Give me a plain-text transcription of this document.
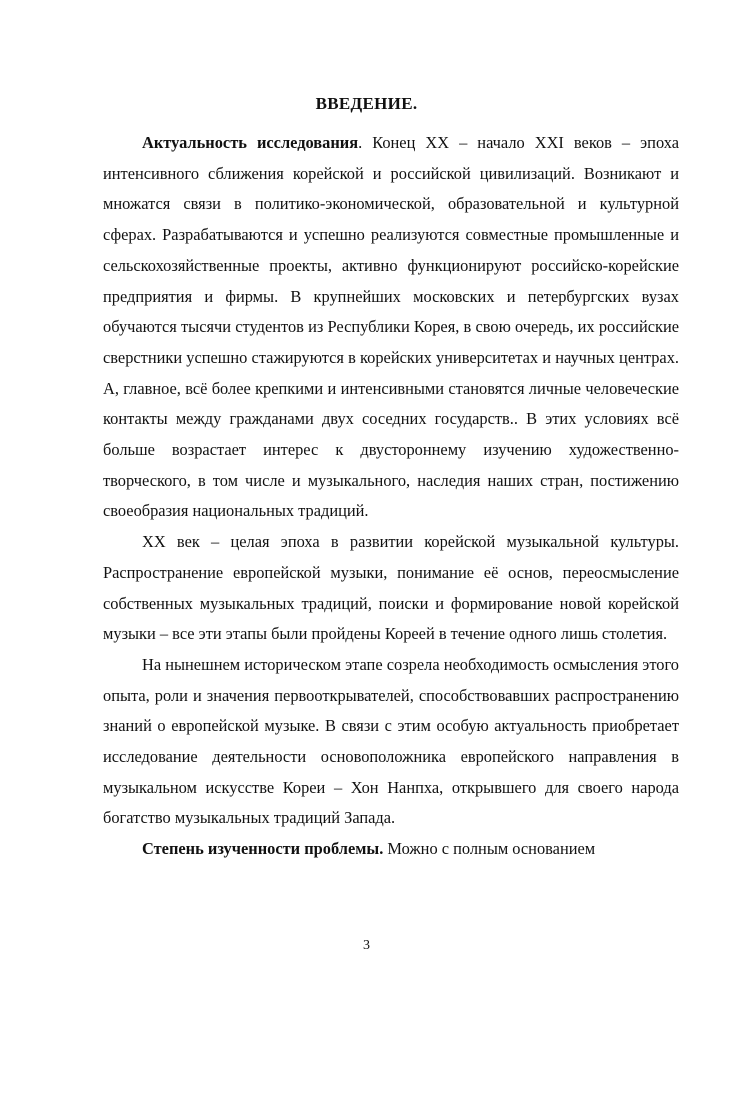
ВВЕДЕНИЕ.

Актуальность исследования. Конец XX – начало XXI веков – эпоха интенсивного сближения корейской и российской цивилизаций. Возникают и множатся связи в политико-экономической, образовательной и культурной сферах. Разрабатываются и успешно реализуются совместные промышленные и сельскохозяйственные проекты, активно функционируют российско-корейские предприятия и фирмы. В крупнейших московских и петербургских вузах обучаются тысячи студентов из Республики Корея, в свою очередь, их российские сверстники успешно стажируются в корейских университетах и научных центрах. А, главное, всё более крепкими и интенсивными становятся личные человеческие контакты между гражданами двух соседних государств.. В этих условиях всё больше возрастает интерес к двустороннему изучению художественно-творческого, в том числе и музыкального, наследия наших стран, постижению своеобразия национальных традиций.

XX век – целая эпоха в развитии корейской музыкальной культуры. Распространение европейской музыки, понимание её основ, переосмысление собственных музыкальных традиций, поиски и формирование новой корейской музыки – все эти этапы были пройдены Кореей в течение одного лишь столетия.

На нынешнем историческом этапе созрела необходимость осмысления этого опыта, роли и значения первооткрывателей, способствовавших распространению знаний о европейской музыке. В связи с этим особую актуальность приобретает исследование деятельности основоположника европейского направления в музыкальном искусстве Кореи – Хон Нанпха, открывшего для своего народа богатство музыкальных традиций Запада.

Степень изученности проблемы. Можно с полным основанием

3
